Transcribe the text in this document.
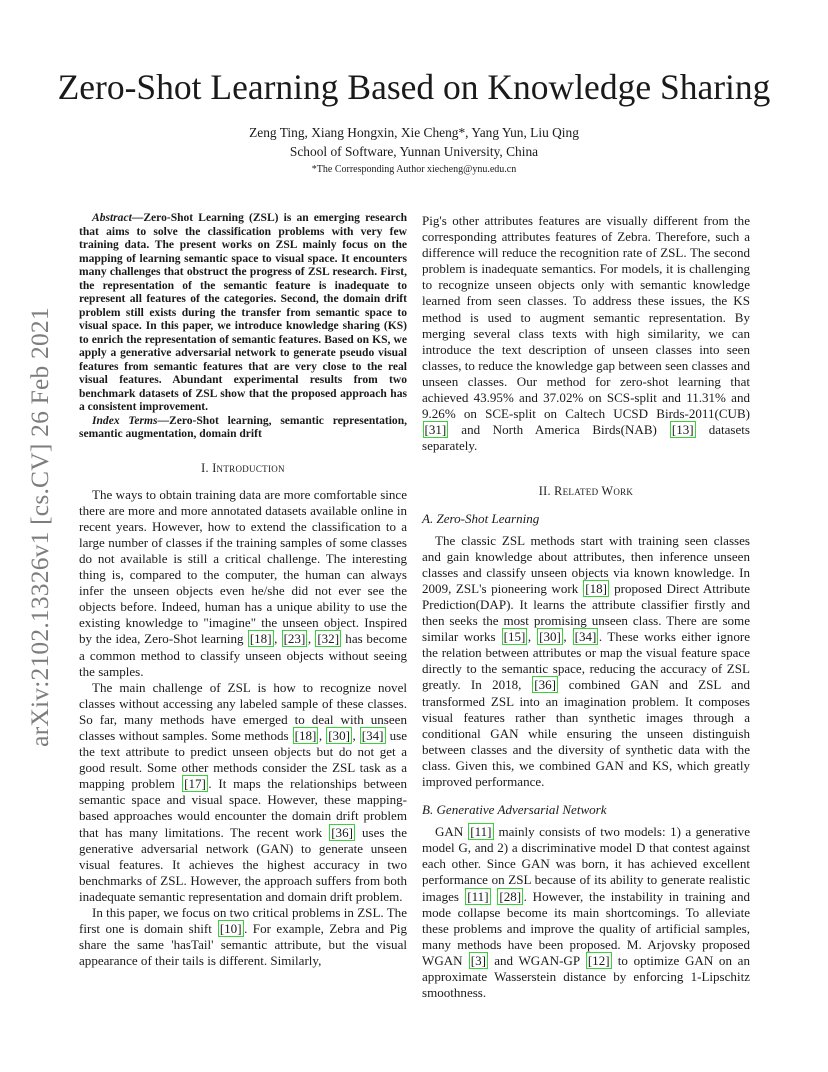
arXiv:2102.13326v1 [cs.CV] 26 Feb 2021
Zero-Shot Learning Based on Knowledge Sharing
Zeng Ting, Xiang Hongxin, Xie Cheng*, Yang Yun, Liu Qing
School of Software, Yunnan University, China
*The Corresponding Author xiecheng@ynu.edu.cn

Abstract—Zero-Shot Learning (ZSL) is an emerging research that aims to solve the classification problems with very few training data. The present works on ZSL mainly focus on the mapping of learning semantic space to visual space. It encounters many challenges that obstruct the progress of ZSL research. First, the representation of the semantic feature is inadequate to represent all features of the categories. Second, the domain drift problem still exists during the transfer from semantic space to visual space. In this paper, we introduce knowledge sharing (KS) to enrich the representation of semantic features. Based on KS, we apply a generative adversarial network to generate pseudo visual features from semantic features that are very close to the real visual features. Abundant experimental results from two benchmark datasets of ZSL show that the proposed approach has a consistent improvement.

Index Terms—Zero-Shot learning, semantic representation, semantic augmentation, domain drift

I. Introduction

The ways to obtain training data are more comfortable since there are more and more annotated datasets available online in recent years. However, how to extend the classification to a large number of classes if the training samples of some classes do not available is still a critical challenge. The interesting thing is, compared to the computer, the human can always infer the unseen objects even he/she did not ever see the objects before. Indeed, human has a unique ability to use the existing knowledge to "imagine" the unseen object. Inspired by the idea, Zero-Shot learning [18] , [23] , [32] has become a common method to classify unseen objects without seeing the samples.

The main challenge of ZSL is how to recognize novel classes without accessing any labeled sample of these classes. So far, many methods have emerged to deal with unseen classes without samples. Some methods [18] , [30] , [34] use the text attribute to predict unseen objects but do not get a good result. Some other methods consider the ZSL task as a mapping problem [17] . It maps the relationships between semantic space and visual space. However, these mapping-based approaches would encounter the domain drift problem that has many limitations. The recent work [36] uses the generative adversarial network (GAN) to generate unseen visual features. It achieves the highest accuracy in two benchmarks of ZSL. However, the approach suffers from both inadequate semantic representation and domain drift problem.

In this paper, we focus on two critical problems in ZSL. The first one is domain shift [10] . For example, Zebra and Pig share the same 'hasTail' semantic attribute, but the visual appearance of their tails is different. Similarly,

Pig's other attributes features are visually different from the corresponding attributes features of Zebra. Therefore, such a difference will reduce the recognition rate of ZSL. The second problem is inadequate semantics. For models, it is challenging to recognize unseen objects only with semantic knowledge learned from seen classes. To address these issues, the KS method is used to augment semantic representation. By merging several class texts with high similarity, we can introduce the text description of unseen classes into seen classes, to reduce the knowledge gap between seen classes and unseen classes. Our method for zero-shot learning that achieved 43.95% and 37.02% on SCS-split and 11.31% and 9.26% on SCE-split on Caltech UCSD Birds-2011(CUB) [31] and North America Birds(NAB) [13] datasets separately.

II. Related Work
A. Zero-Shot Learning

The classic ZSL methods start with training seen classes and gain knowledge about attributes, then inference unseen classes and classify unseen objects via known knowledge. In 2009, ZSL's pioneering work [18] proposed Direct Attribute Prediction(DAP). It learns the attribute classifier firstly and then seeks the most promising unseen class. There are some similar works [15] , [30] , [34] . These works either ignore the relation between attributes or map the visual feature space directly to the semantic space, reducing the accuracy of ZSL greatly. In 2018, [36] combined GAN and ZSL and transformed ZSL into an imagination problem. It composes visual features rather than synthetic images through a conditional GAN while ensuring the unseen distinguish between classes and the diversity of synthetic data with the class. Given this, we combined GAN and KS, which greatly improved performance.

B. Generative Adversarial Network

GAN [11] mainly consists of two models: 1) a generative model G, and 2) a discriminative model D that contest against each other. Since GAN was born, it has achieved excellent performance on ZSL because of its ability to generate realistic images [11] [28] . However, the instability in training and mode collapse become its main shortcomings. To alleviate these problems and improve the quality of artificial samples, many methods have been proposed. M. Arjovsky proposed WGAN [3] and WGAN-GP [12] to optimize GAN on an approximate Wasserstein distance by enforcing 1-Lipschitz smoothness.
